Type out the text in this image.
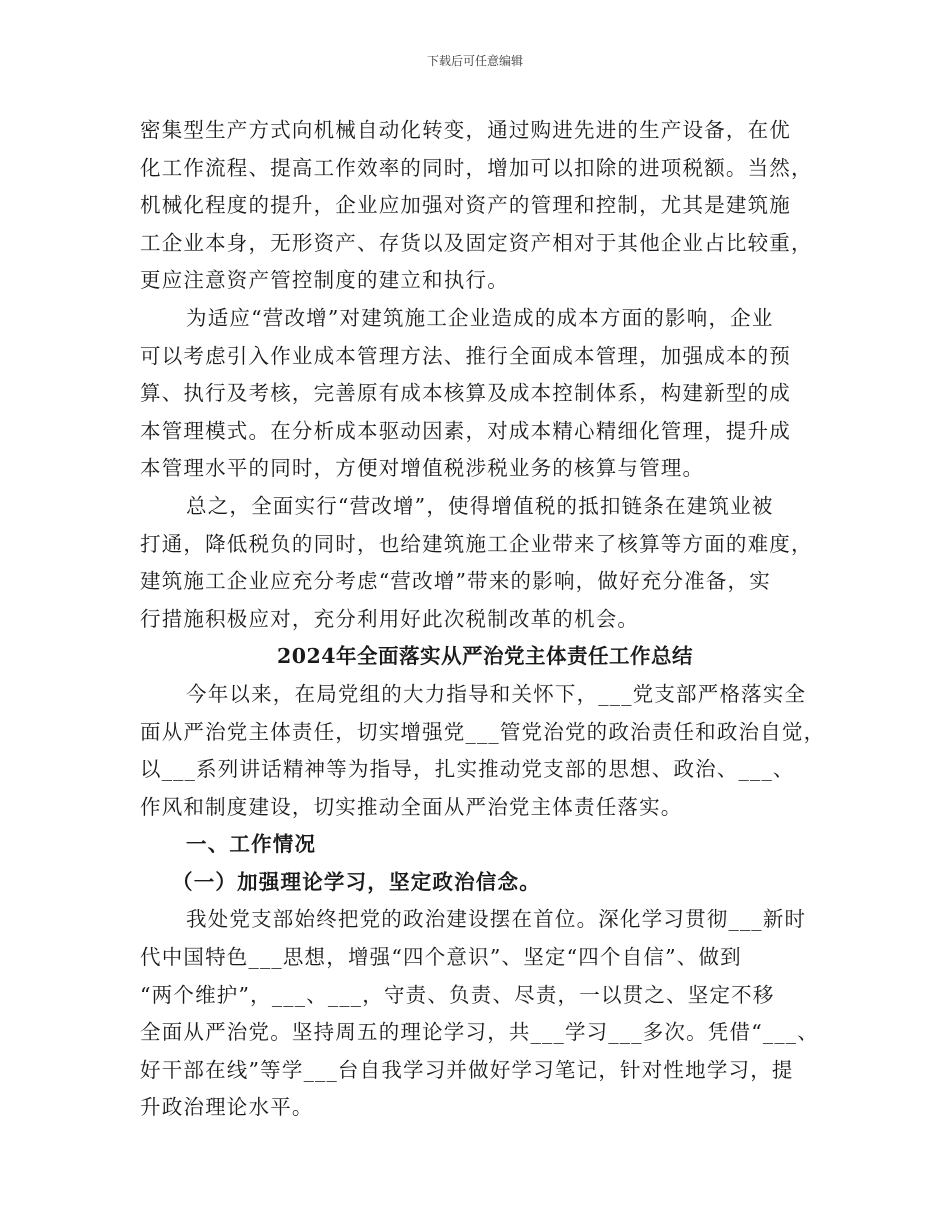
下载后可任意编辑
密集型生产方式向机械自动化转变，通过购进先进的生产设备，在优
化工作流程、提高工作效率的同时，增加可以扣除的进项税额。当然，
机械化程度的提升，企业应加强对资产的管理和控制，尤其是建筑施
工企业本身，无形资产、存货以及固定资产相对于其他企业占比较重，
更应注意资产管控制度的建立和执行。
为适应“营改增”对建筑施工企业造成的成本方面的影响，企业
可以考虑引入作业成本管理方法、推行全面成本管理，加强成本的预
算、执行及考核，完善原有成本核算及成本控制体系，构建新型的成
本管理模式。在分析成本驱动因素，对成本精心精细化管理，提升成
本管理水平的同时，方便对增值税涉税业务的核算与管理。
总之，全面实行“营改增”，使得增值税的抵扣链条在建筑业被
打通，降低税负的同时，也给建筑施工企业带来了核算等方面的难度，
建筑施工企业应充分考虑“营改增”带来的影响，做好充分准备，实
行措施积极应对，充分利用好此次税制改革的机会。
2024年全面落实从严治党主体责任工作总结
今年以来，在局党组的大力指导和关怀下，___党支部严格落实全
面从严治党主体责任，切实增强党___管党治党的政治责任和政治自觉，
以___系列讲话精神等为指导，扎实推动党支部的思想、政治、___、
作风和制度建设，切实推动全面从严治党主体责任落实。
一、工作情况
（一）加强理论学习，坚定政治信念。
我处党支部始终把党的政治建设摆在首位。深化学习贯彻___新时
代中国特色___思想，增强“四个意识”、坚定“四个自信”、做到
“两个维护”，___、___，守责、负责、尽责，一以贯之、坚定不移
全面从严治党。坚持周五的理论学习，共___学习___多次。凭借“___、
好干部在线”等学___台自我学习并做好学习笔记，针对性地学习，提
升政治理论水平。
